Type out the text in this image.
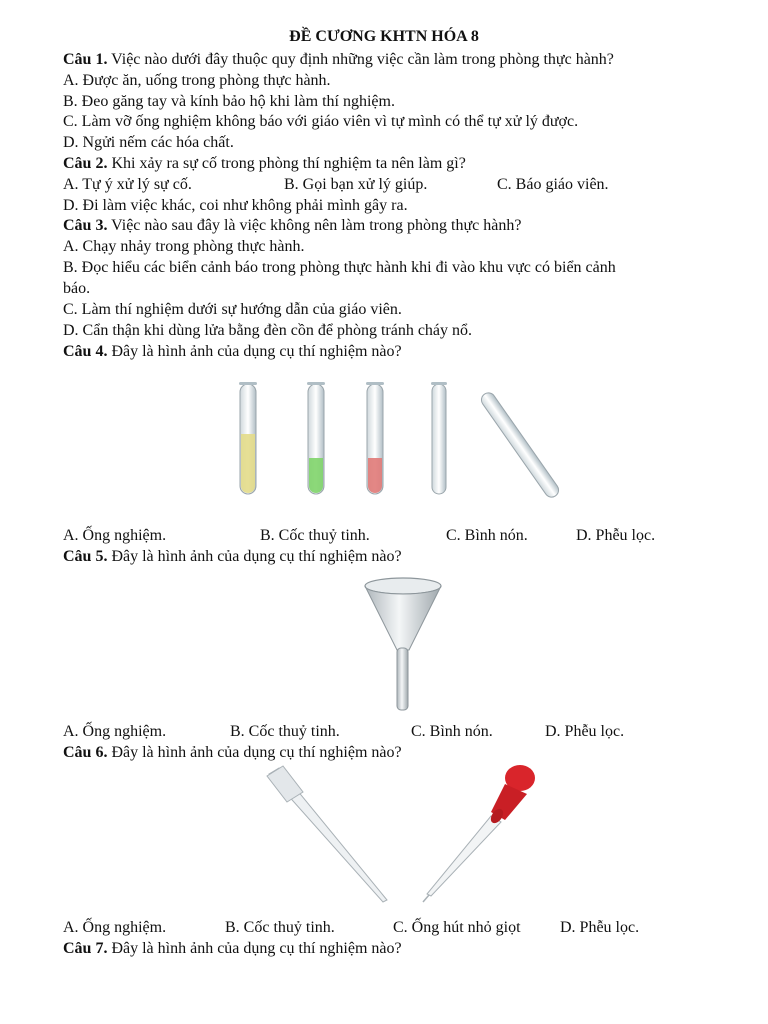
ĐỀ CƯƠNG KHTN HÓA 8
Câu 1. Việc nào dưới đây thuộc quy định những việc cần làm trong phòng thực hành?
A. Được ăn, uống trong phòng thực hành.
B. Đeo găng tay và kính bảo hộ khi làm thí nghiệm.
C. Làm vỡ ống nghiệm không báo với giáo viên vì tự mình có thể tự xử lý được.
D. Ngửi nếm các hóa chất.
Câu 2. Khi xảy ra sự cố trong phòng thí nghiệm ta nên làm gì?
A. Tự ý xử lý sự cố.	B. Gọi bạn xử lý giúp.	C. Báo giáo viên.
D. Đi làm việc khác, coi như không phải mình gây ra.
Câu 3. Việc nào sau đây là việc không nên làm trong phòng thực hành?
A. Chạy nhảy trong phòng thực hành.
B. Đọc hiểu các biển cảnh báo trong phòng thực hành khi đi vào khu vực có biển cảnh
báo.
C. Làm thí nghiệm dưới sự hướng dẫn của giáo viên.
D. Cẩn thận khi dùng lửa bằng đèn cồn để phòng tránh cháy nổ.
Câu 4. Đây là hình ảnh của dụng cụ thí nghiệm nào?
A. Ống nghiệm.	B. Cốc thuỷ tinh.	C. Bình nón.	D. Phễu lọc.
Câu 5. Đây là hình ảnh của dụng cụ thí nghiệm nào?
A. Ống nghiệm.	B. Cốc thuỷ tinh.	C. Bình nón.	D. Phễu lọc.
Câu 6. Đây là hình ảnh của dụng cụ thí nghiệm nào?
A. Ống nghiệm.	B. Cốc thuỷ tinh.	C. Ống hút nhỏ giọt D. Phễu lọc.
Câu 7. Đây là hình ảnh của dụng cụ thí nghiệm nào?
